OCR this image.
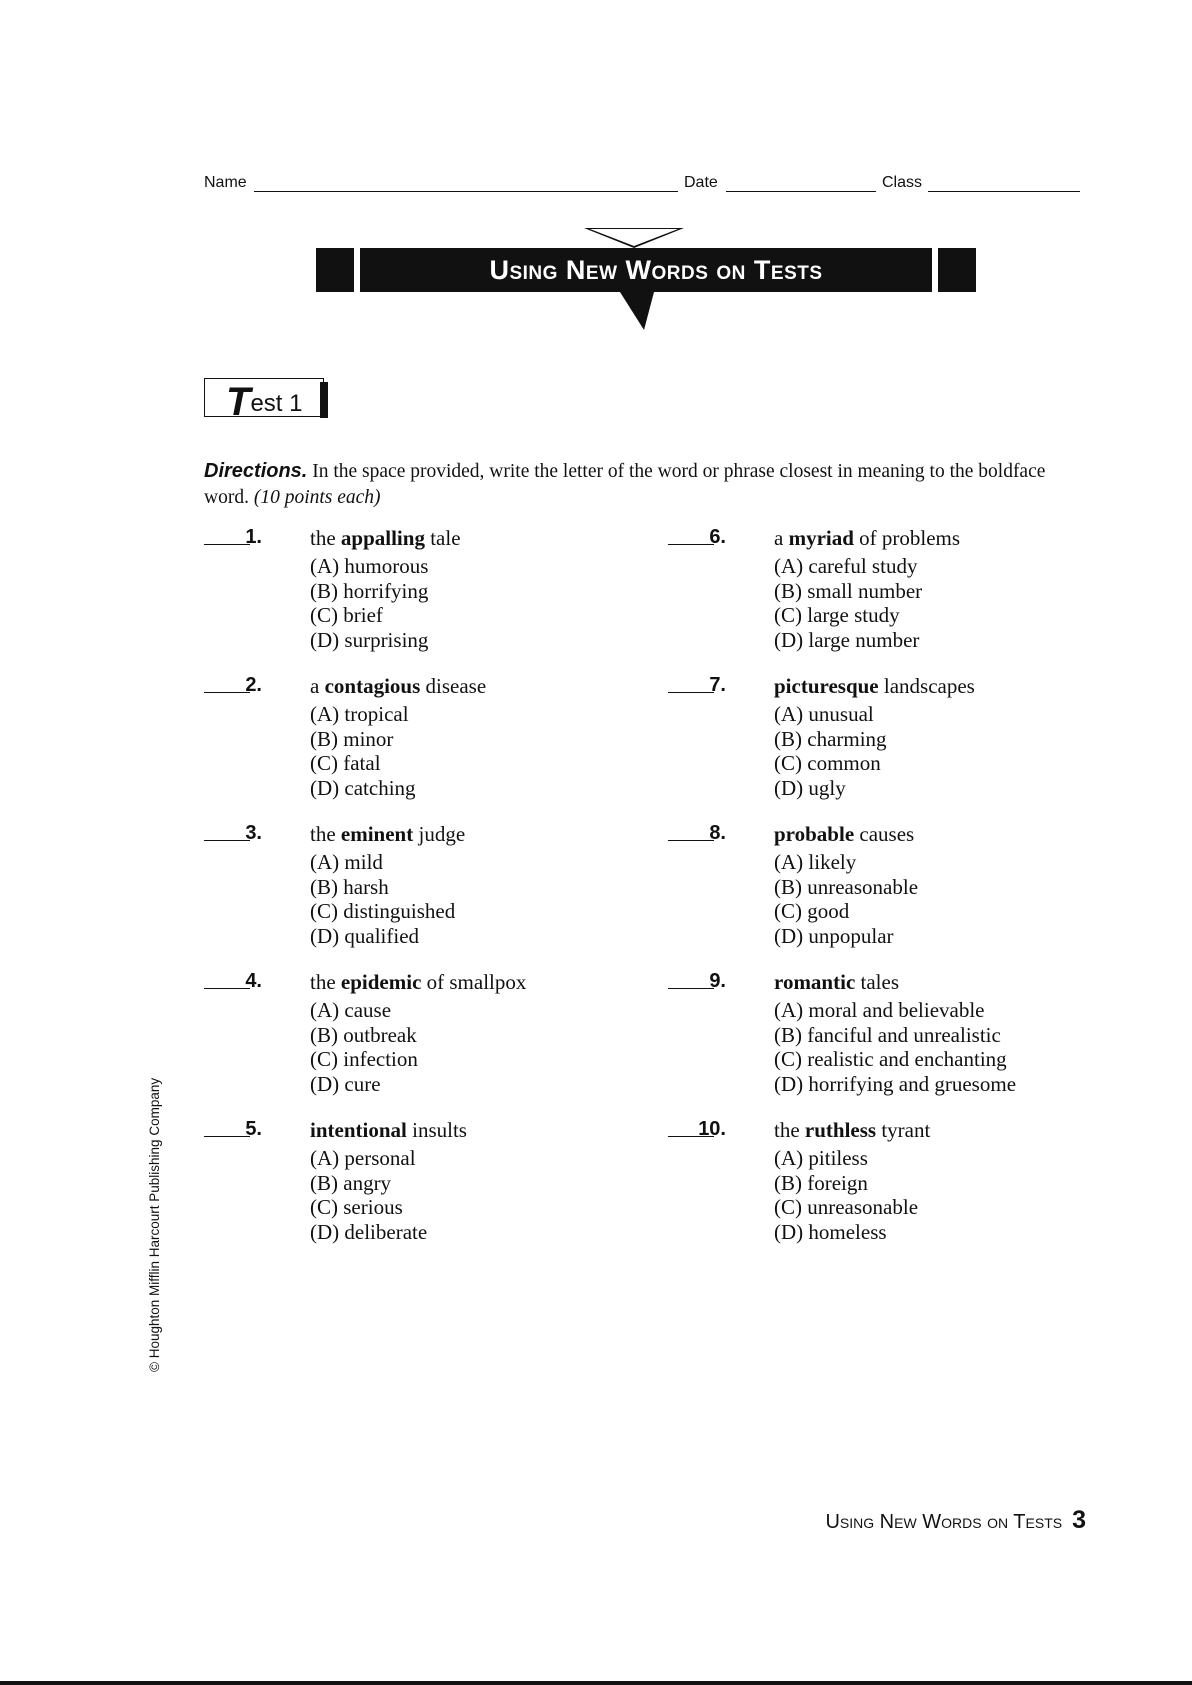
Name	Date	Class
Using New Words on Tests
Test 1
Directions. In the space provided, write the letter of the word or phrase closest in meaning to the boldface word. (10 points each)
1. the appalling tale
(A) humorous
(B) horrifying
(C) brief
(D) surprising
2. a contagious disease
(A) tropical
(B) minor
(C) fatal
(D) catching
3. the eminent judge
(A) mild
(B) harsh
(C) distinguished
(D) qualified
4. the epidemic of smallpox
(A) cause
(B) outbreak
(C) infection
(D) cure
5. intentional insults
(A) personal
(B) angry
(C) serious
(D) deliberate
6. a myriad of problems
(A) careful study
(B) small number
(C) large study
(D) large number
7. picturesque landscapes
(A) unusual
(B) charming
(C) common
(D) ugly
8. probable causes
(A) likely
(B) unreasonable
(C) good
(D) unpopular
9. romantic tales
(A) moral and believable
(B) fanciful and unrealistic
(C) realistic and enchanting
(D) horrifying and gruesome
10. the ruthless tyrant
(A) pitiless
(B) foreign
(C) unreasonable
(D) homeless
© Houghton Mifflin Harcourt Publishing Company
Using New Words on Tests 3
